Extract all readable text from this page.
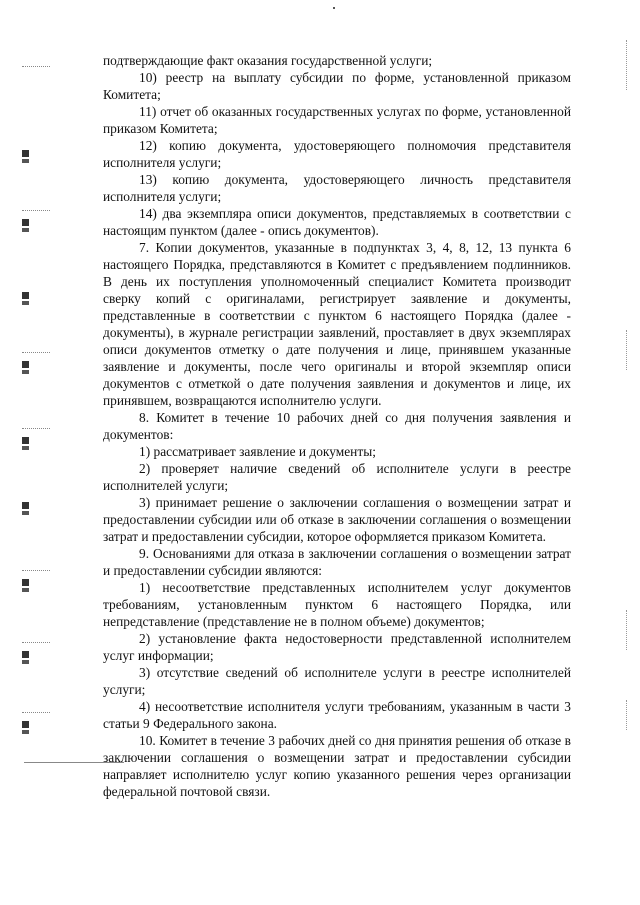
подтверждающие факт оказания государственной услуги;

10) реестр на выплату субсидии по форме, установленной приказом Комитета;

11) отчет об оказанных государственных услугах по форме, установленной приказом Комитета;

12) копию документа, удостоверяющего полномочия представителя исполнителя услуги;

13) копию документа, удостоверяющего личность представителя исполнителя услуги;

14) два экземпляра описи документов, представляемых в соответствии с настоящим пунктом (далее - опись документов).

7. Копии документов, указанные в подпунктах 3, 4, 8, 12, 13 пункта 6 настоящего Порядка, представляются в Комитет с предъявлением подлинников. В день их поступления уполномоченный специалист Комитета производит сверку копий с оригиналами, регистрирует заявление и документы, представленные в соответствии с пунктом 6 настоящего Порядка (далее - документы), в журнале регистрации заявлений, проставляет в двух экземплярах описи документов отметку о дате получения и лице, принявшем указанные заявление и документы, после чего оригиналы и второй экземпляр описи документов с отметкой о дате получения заявления и документов и лице, их принявшем, возвращаются исполнителю услуги.

8. Комитет в течение 10 рабочих дней со дня получения заявления и документов:

1) рассматривает заявление и документы;

2) проверяет наличие сведений об исполнителе услуги в реестре исполнителей услуги;

3) принимает решение о заключении соглашения о возмещении затрат и предоставлении субсидии или об отказе в заключении соглашения о возмещении затрат и предоставлении субсидии, которое оформляется приказом Комитета.

9. Основаниями для отказа в заключении соглашения о возмещении затрат и предоставлении субсидии являются:

1) несоответствие представленных исполнителем услуг документов требованиям, установленным пунктом 6 настоящего Порядка, или непредставление (представление не в полном объеме) документов;

2) установление факта недостоверности представленной исполнителем услуг информации;

3) отсутствие сведений об исполнителе услуги в реестре исполнителей услуги;

4) несоответствие исполнителя услуги требованиям, указанным в части 3 статьи 9 Федерального закона.

10. Комитет в течение 3 рабочих дней со дня принятия решения об отказе в заключении соглашения о возмещении затрат и предоставлении субсидии направляет исполнителю услуг копию указанного решения через организации федеральной почтовой связи.
